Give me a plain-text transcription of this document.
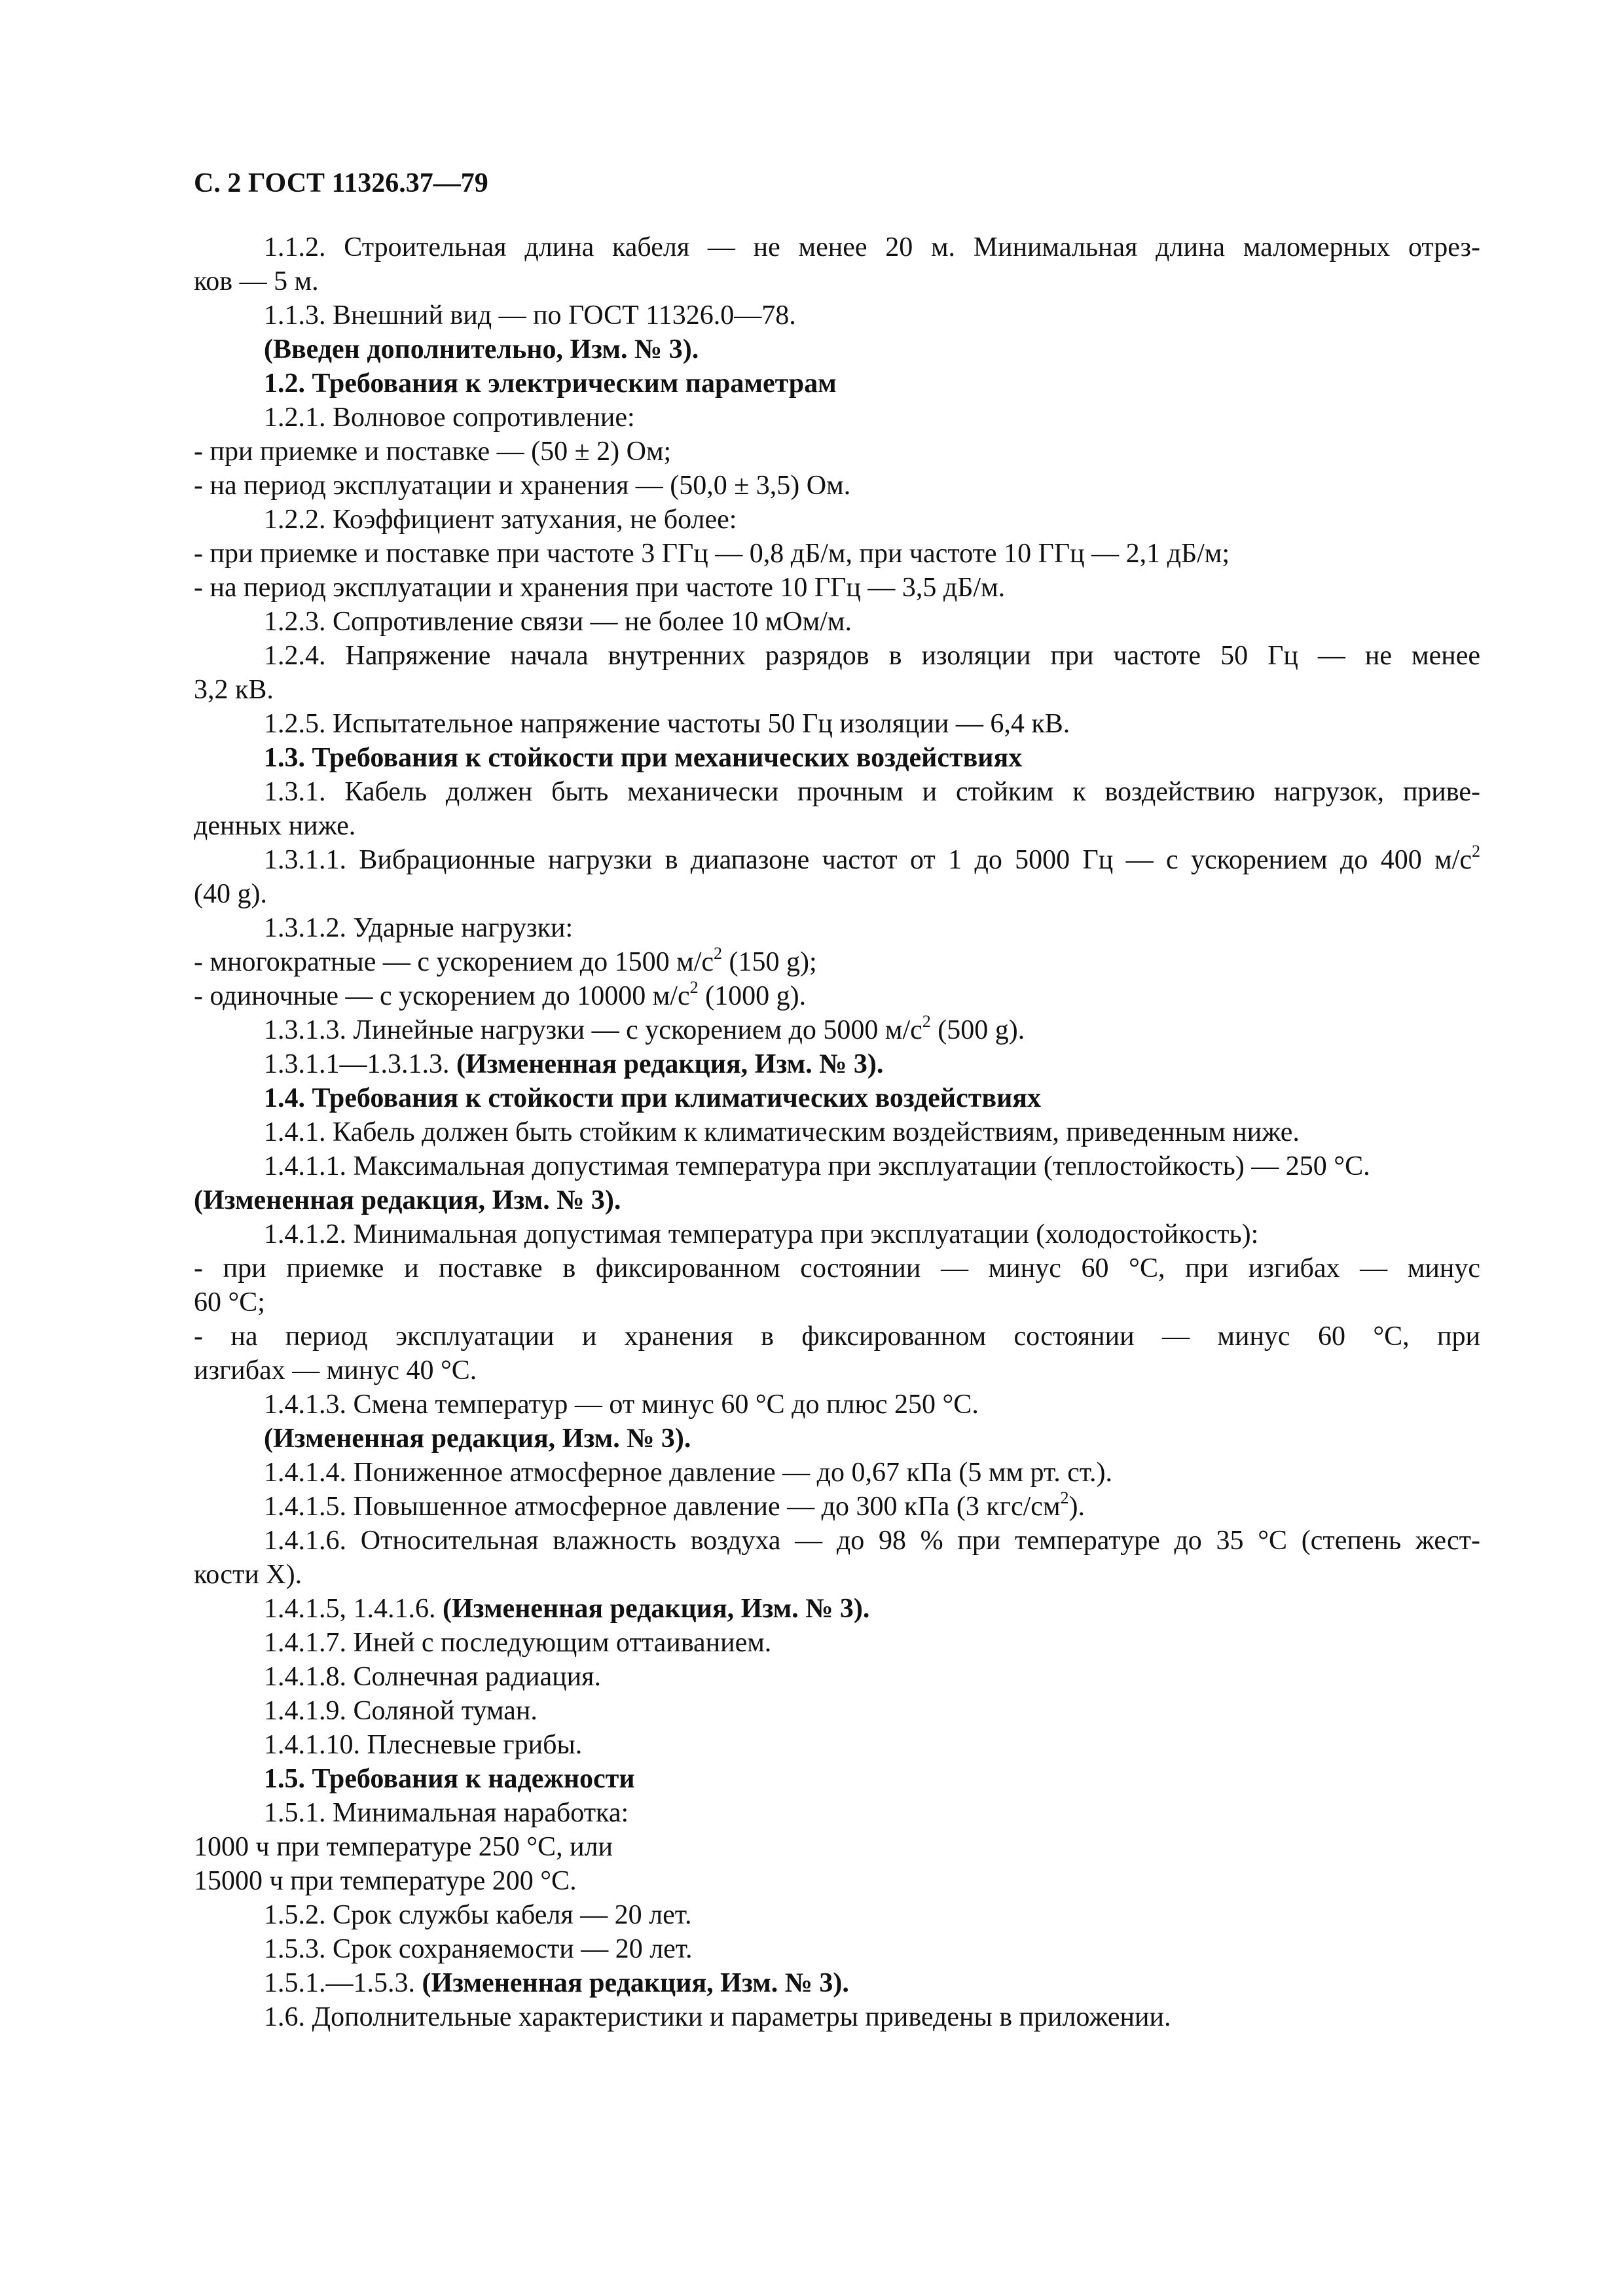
С. 2 ГОСТ 11326.37—79
1.1.2. Строительная длина кабеля — не менее 20 м. Минимальная длина маломерных отрез-
ков — 5 м.
1.1.3. Внешний вид — по ГОСТ 11326.0—78.
(Введен дополнительно, Изм. № 3).
1.2. Требования к электрическим параметрам
1.2.1. Волновое сопротивление:
- при приемке и поставке — (50 ± 2) Ом;
- на период эксплуатации и хранения — (50,0 ± 3,5) Ом.
1.2.2. Коэффициент затухания, не более:
- при приемке и поставке при частоте 3 ГГц — 0,8 дБ/м, при частоте 10 ГГц — 2,1 дБ/м;
- на период эксплуатации и хранения при частоте 10 ГГц — 3,5 дБ/м.
1.2.3. Сопротивление связи — не более 10 мОм/м.
1.2.4. Напряжение начала внутренних разрядов в изоляции при частоте 50 Гц — не менее
3,2 кВ.
1.2.5. Испытательное напряжение частоты 50 Гц изоляции — 6,4 кВ.
1.3. Требования к стойкости при механических воздействиях
1.3.1. Кабель должен быть механически прочным и стойким к воздействию нагрузок, приве-
денных ниже.
1.3.1.1. Вибрационные нагрузки в диапазоне частот от 1 до 5000 Гц — с ускорением до 400 $м/с^2$
(40 g).
1.3.1.2. Ударные нагрузки:
- многократные — с ускорением до 1500 $м/с^2$ (150 g);
- одиночные — с ускорением до 10000 $м/с^2$ (1000 g).
1.3.1.3. Линейные нагрузки — с ускорением до 5000 $м/с^2$ (500 g).
1.3.1.1—1.3.1.3. (Измененная редакция, Изм. № 3).
1.4. Требования к стойкости при климатических воздействиях
1.4.1. Кабель должен быть стойким к климатическим воздействиям, приведенным ниже.
1.4.1.1. Максимальная допустимая температура при эксплуатации (теплостойкость) — 250 °С.
(Измененная редакция, Изм. № 3).
1.4.1.2. Минимальная допустимая температура при эксплуатации (холодостойкость):
- при приемке и поставке в фиксированном состоянии — минус 60 °С, при изгибах — минус
60 °С;
- на период эксплуатации и хранения в фиксированном состоянии — минус 60 °С, при
изгибах — минус 40 °С.
1.4.1.3. Смена температур — от минус 60 °С до плюс 250 °С.
(Измененная редакция, Изм. № 3).
1.4.1.4. Пониженное атмосферное давление — до 0,67 кПа (5 мм рт. ст.).
1.4.1.5. Повышенное атмосферное давление — до 300 кПа (3 кгс/$см^2$).
1.4.1.6. Относительная влажность воздуха — до 98 % при температуре до 35 °С (степень жест-
кости X).
1.4.1.5, 1.4.1.6. (Измененная редакция, Изм. № 3).
1.4.1.7. Иней с последующим оттаиванием.
1.4.1.8. Солнечная радиация.
1.4.1.9. Соляной туман.
1.4.1.10. Плесневые грибы.
1.5. Требования к надежности
1.5.1. Минимальная наработка:
1000 ч при температуре 250 °С, или
15000 ч при температуре 200 °С.
1.5.2. Срок службы кабеля — 20 лет.
1.5.3. Срок сохраняемости — 20 лет.
1.5.1.—1.5.3. (Измененная редакция, Изм. № 3).
1.6. Дополнительные характеристики и параметры приведены в приложении.
